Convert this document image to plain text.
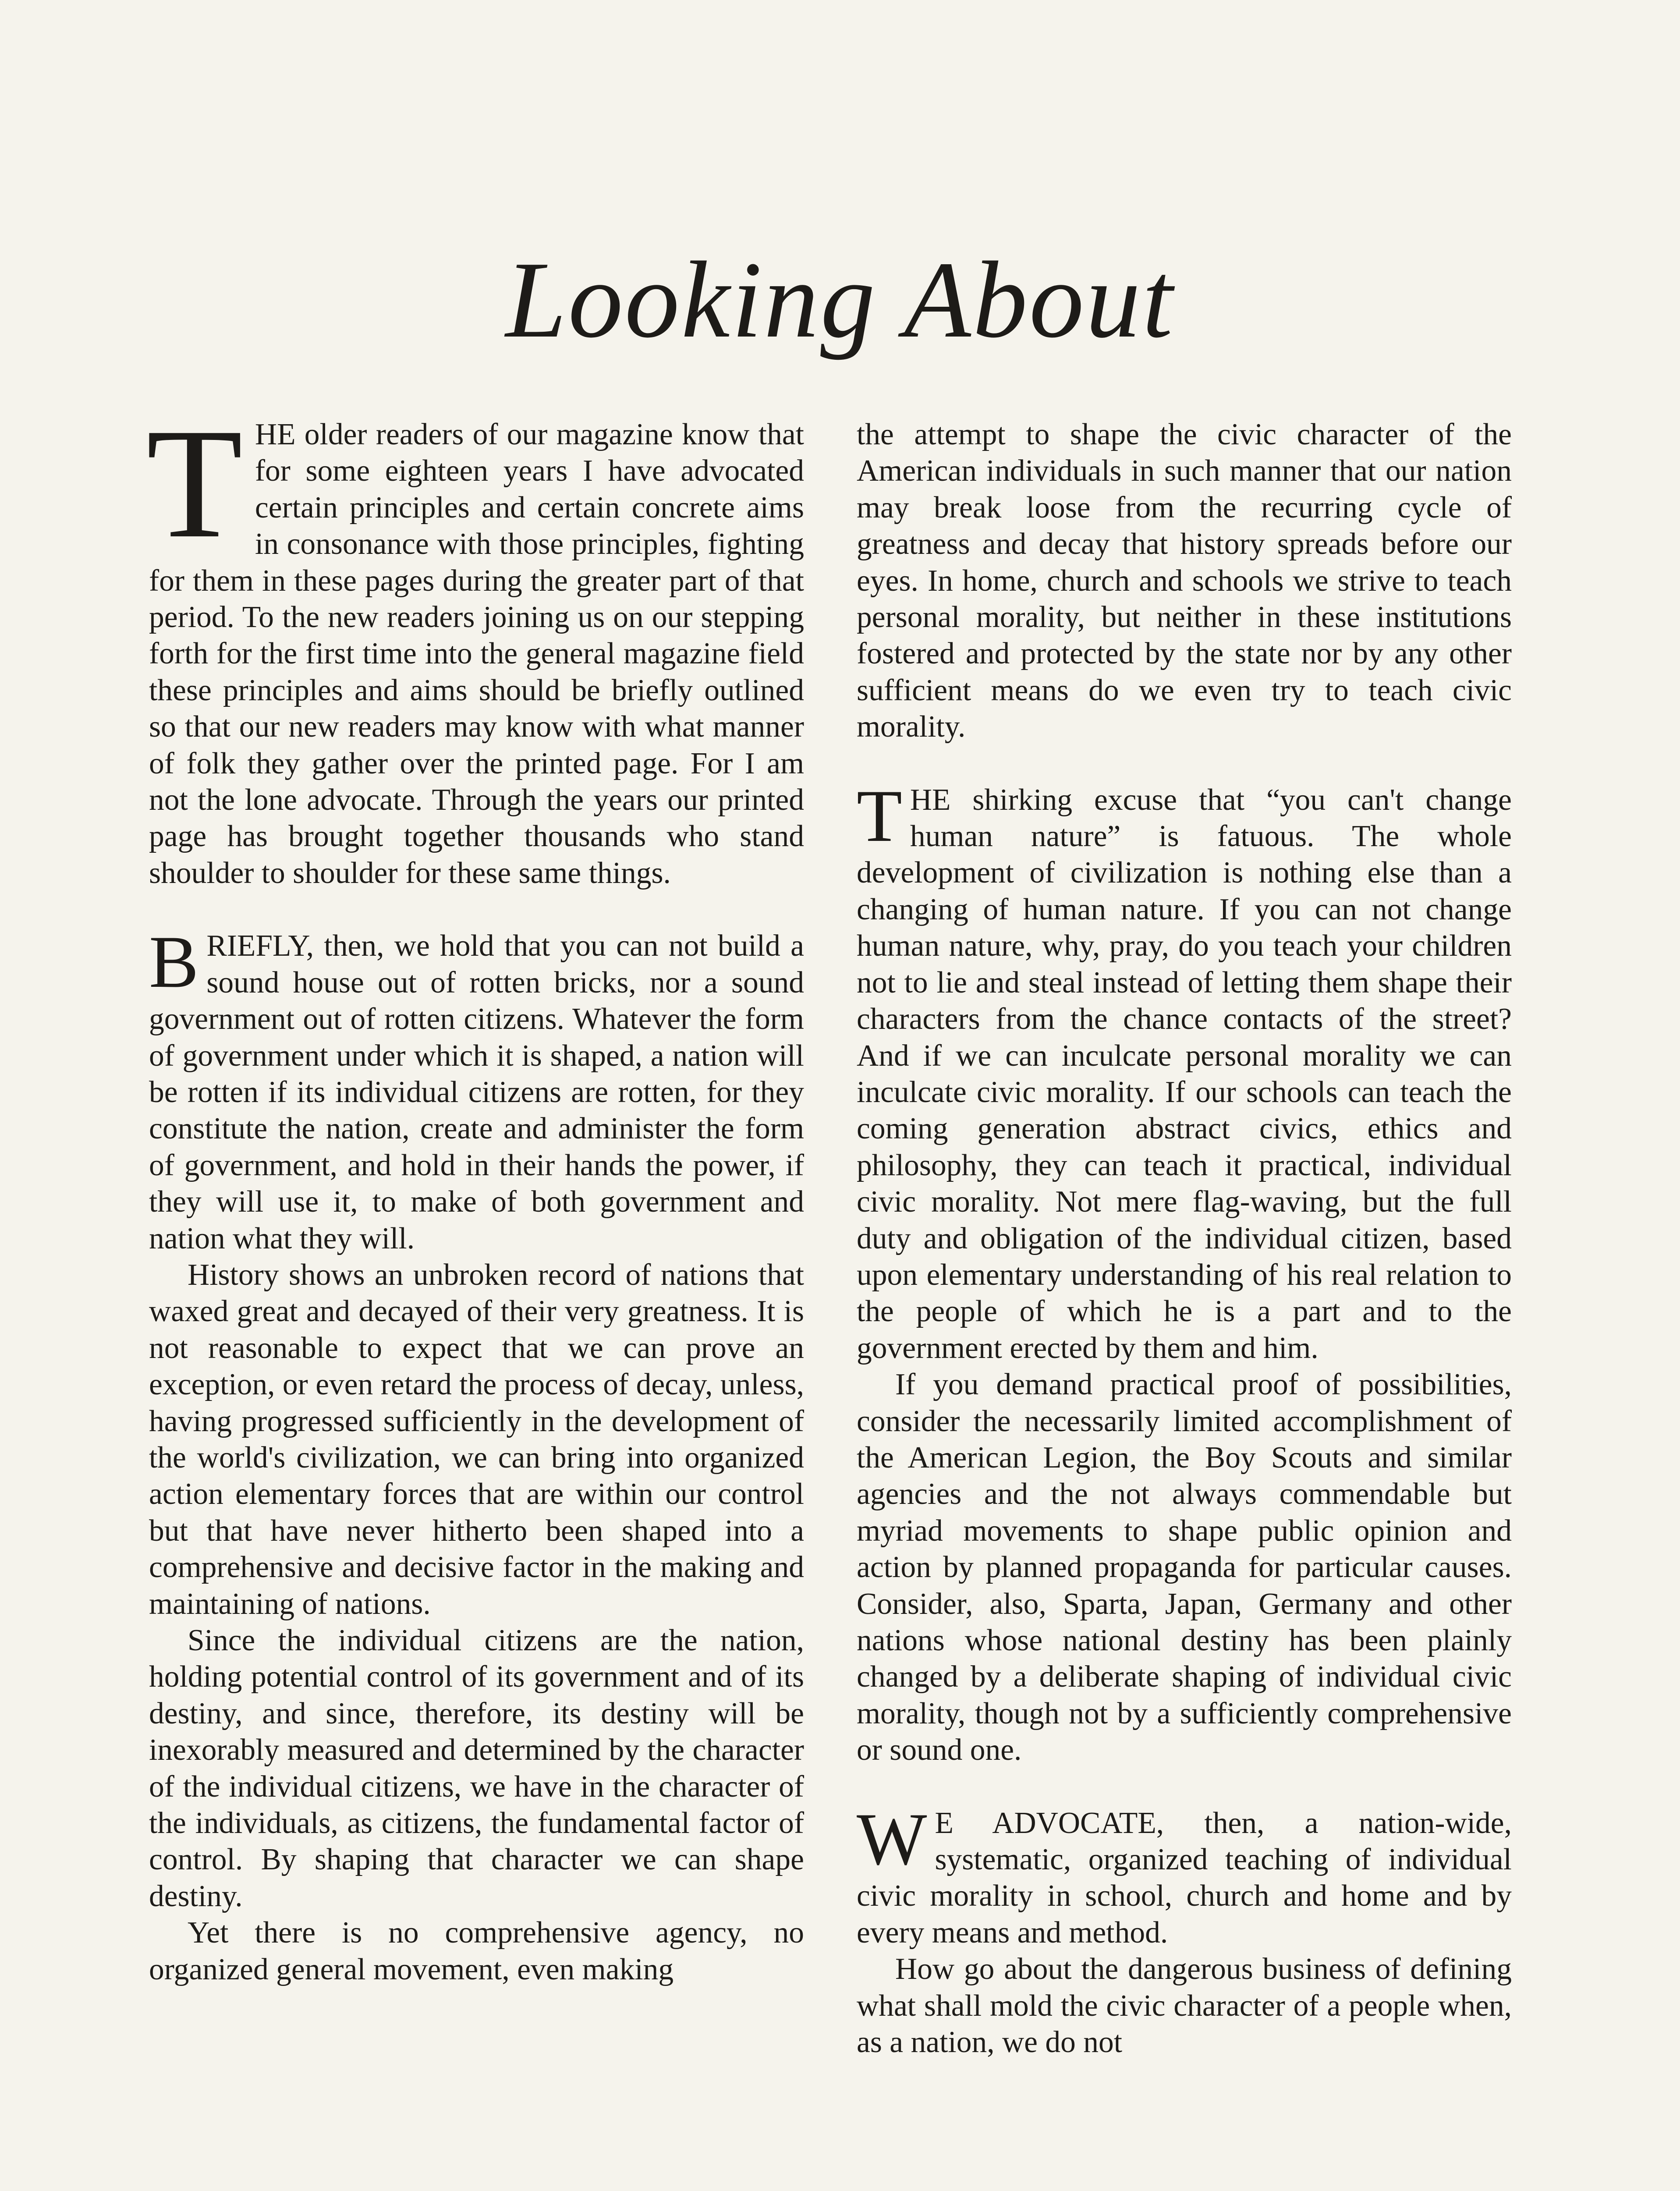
Looking About

THE older readers of our magazine know that for some eighteen years I have advocated certain principles and certain concrete aims in consonance with those principles, fighting for them in these pages during the greater part of that period. To the new readers joining us on our stepping forth for the first time into the general magazine field these principles and aims should be briefly outlined so that our new readers may know with what manner of folk they gather over the printed page. For I am not the lone advocate. Through the years our printed page has brought together thousands who stand shoulder to shoulder for these same things.

BRIEFLY, then, we hold that you can not build a sound house out of rotten bricks, nor a sound government out of rotten citizens. Whatever the form of government under which it is shaped, a nation will be rotten if its individual citizens are rotten, for they constitute the nation, create and administer the form of government, and hold in their hands the power, if they will use it, to make of both government and nation what they will.

History shows an unbroken record of nations that waxed great and decayed of their very greatness. It is not reasonable to expect that we can prove an exception, or even retard the process of decay, unless, having progressed sufficiently in the development of the world's civilization, we can bring into organized action elementary forces that are within our control but that have never hitherto been shaped into a comprehensive and decisive factor in the making and maintaining of nations.

Since the individual citizens are the nation, holding potential control of its government and of its destiny, and since, therefore, its destiny will be inexorably measured and determined by the character of the individual citizens, we have in the character of the individuals, as citizens, the fundamental factor of control. By shaping that character we can shape destiny.

Yet there is no comprehensive agency, no organized general movement, even making

the attempt to shape the civic character of the American individuals in such manner that our nation may break loose from the recurring cycle of greatness and decay that history spreads before our eyes. In home, church and schools we strive to teach personal morality, but neither in these institutions fostered and protected by the state nor by any other sufficient means do we even try to teach civic morality.

THE shirking excuse that “you can't change human nature” is fatuous. The whole development of civilization is nothing else than a changing of human nature. If you can not change human nature, why, pray, do you teach your children not to lie and steal instead of letting them shape their characters from the chance contacts of the street? And if we can inculcate personal morality we can inculcate civic morality. If our schools can teach the coming generation abstract civics, ethics and philosophy, they can teach it practical, individual civic morality. Not mere flag-waving, but the full duty and obligation of the individual citizen, based upon elementary understanding of his real relation to the people of which he is a part and to the government erected by them and him.

If you demand practical proof of possibilities, consider the necessarily limited accomplishment of the American Legion, the Boy Scouts and similar agencies and the not always commendable but myriad movements to shape public opinion and action by planned propaganda for particular causes. Consider, also, Sparta, Japan, Germany and other nations whose national destiny has been plainly changed by a deliberate shaping of individual civic morality, though not by a sufficiently comprehensive or sound one.

W E ADVOCATE, then, a nation-wide, systematic, organized teaching of individual civic morality in school, church and home and by every means and method.

How go about the dangerous business of defining what shall mold the civic character of a people when, as a nation, we do not
